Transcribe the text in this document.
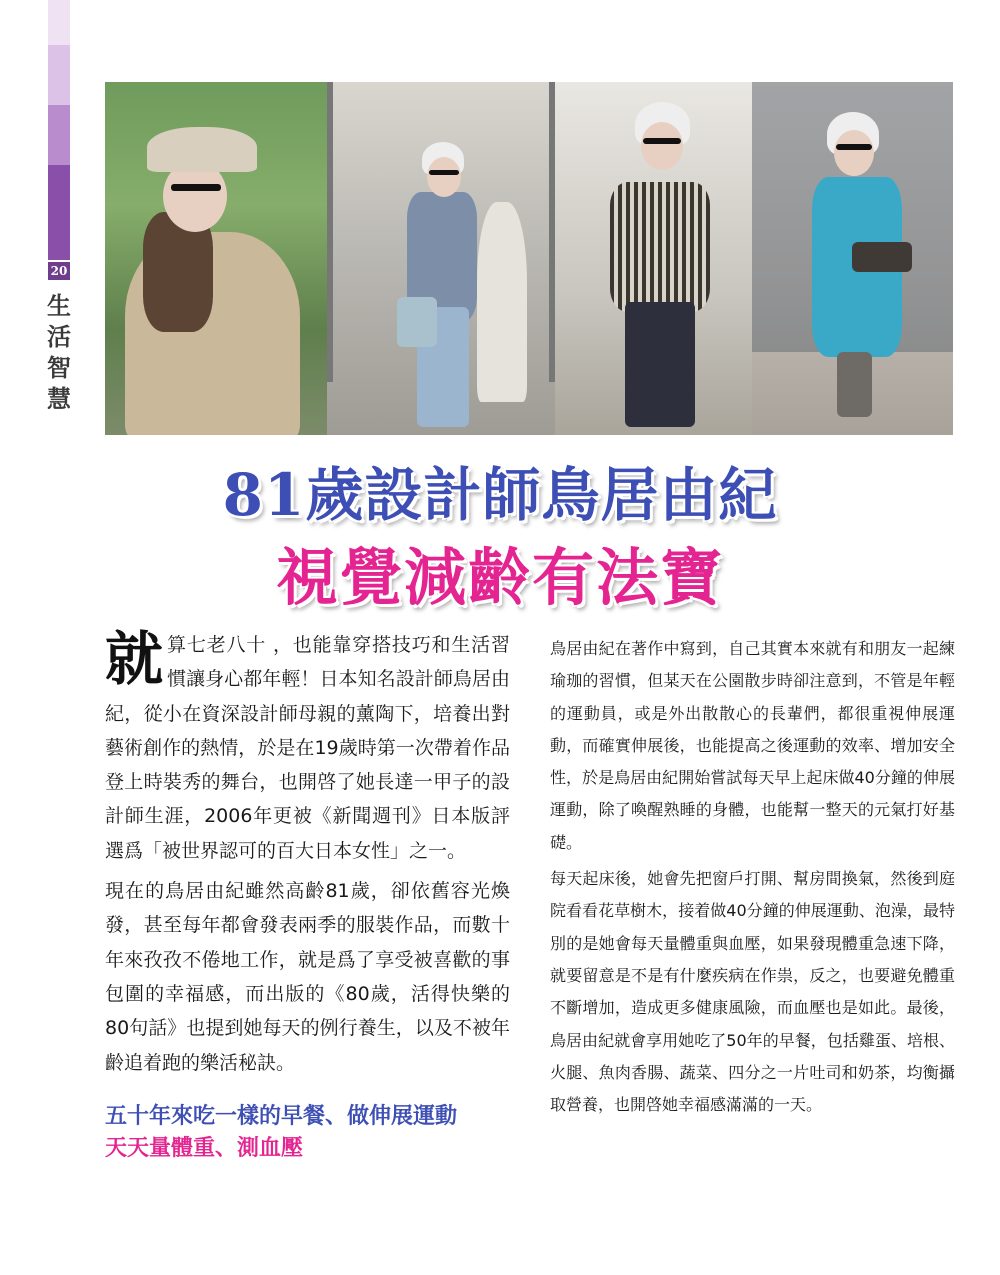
20
生
活
智
慧
81歲設計師鳥居由紀
視覺減齡有法寶

就算七老八十 ，也能靠穿搭技巧和生活習慣讓身心都年輕！日本知名設計師鳥居由紀，從小在資深設計師母親的薰陶下，培養出對藝術創作的熱情，於是在19歲時第一次帶着作品登上時裝秀的舞台，也開啓了她長達一甲子的設計師生涯，2006年更被《新聞週刊》日本版評選爲「被世界認可的百大日本女性」之一。

現在的鳥居由紀雖然高齡81歲，卻依舊容光煥發，甚至每年都會發表兩季的服裝作品，而數十年來孜孜不倦地工作，就是爲了享受被喜歡的事包圍的幸福感，而出版的《80歲，活得快樂的80句話》也提到她每天的例行養生，以及不被年齡追着跑的樂活秘訣。

五十年來吃一樣的早餐、做伸展運動
天天量體重、測血壓

鳥居由紀在著作中寫到，自己其實本來就有和朋友一起練瑜珈的習慣，但某天在公園散步時卻注意到，不管是年輕的運動員，或是外出散散心的長輩們，都很重視伸展運動，而確實伸展後，也能提高之後運動的效率、增加安全性，於是鳥居由紀開始嘗試每天早上起床做40分鐘的伸展運動，除了喚醒熟睡的身體，也能幫一整天的元氣打好基礎。

每天起床後，她會先把窗戶打開、幫房間換氣，然後到庭院看看花草樹木，接着做40分鐘的伸展運動、泡澡，最特別的是她會每天量體重與血壓，如果發現體重急速下降，就要留意是不是有什麼疾病在作祟，反之，也要避免體重不斷增加，造成更多健康風險，而血壓也是如此。最後，鳥居由紀就會享用她吃了50年的早餐，包括雞蛋、培根、火腿、魚肉香腸、蔬菜、四分之一片吐司和奶茶，均衡攝取營養，也開啓她幸福感滿滿的一天。
